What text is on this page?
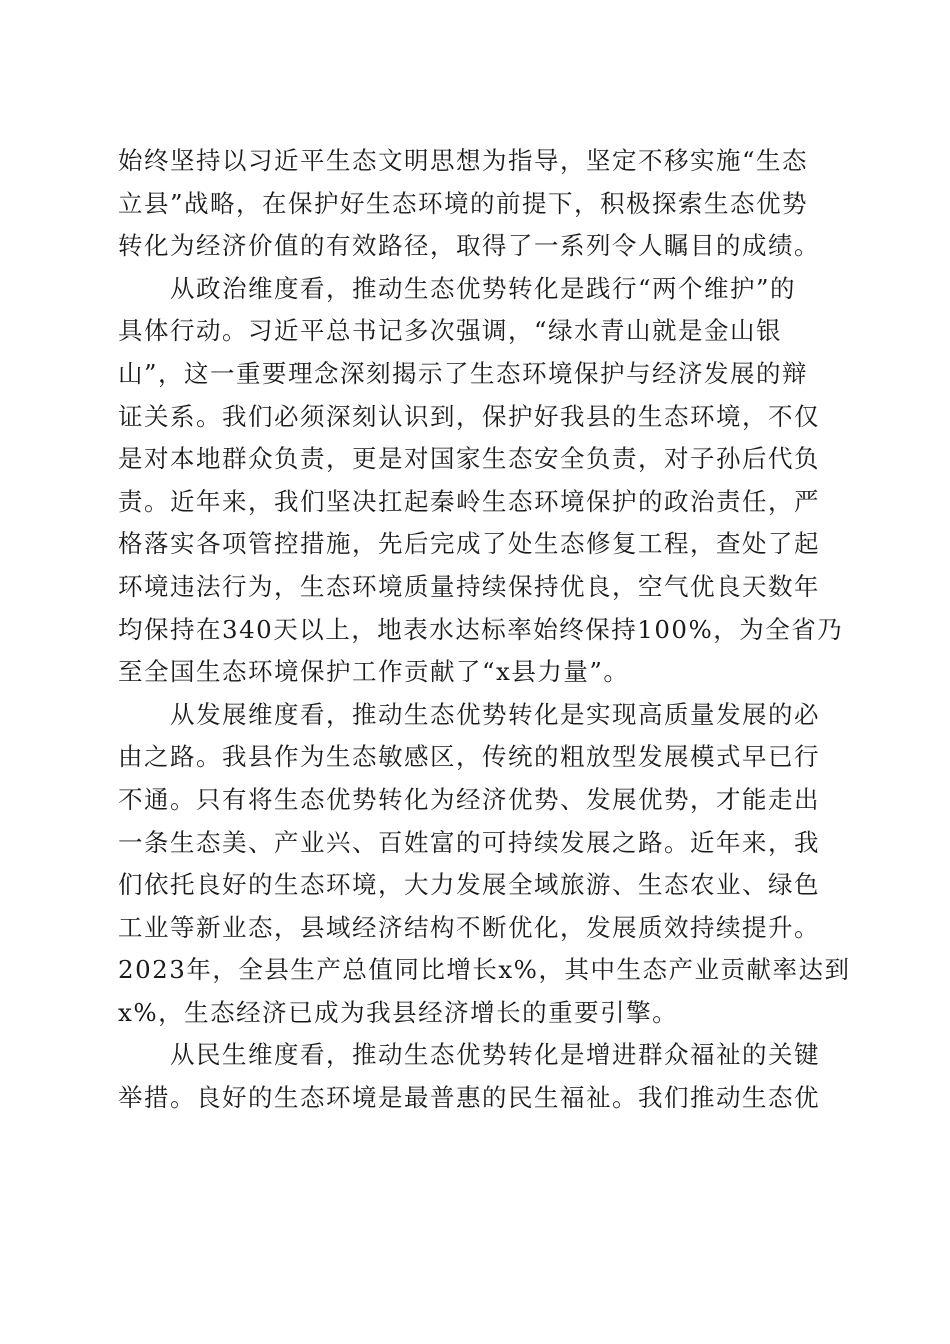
始终坚持以习近平生态文明思想为指导，坚定不移实施“生态
立县”战略，在保护好生态环境的前提下，积极探索生态优势
转化为经济价值的有效路径，取得了一系列令人瞩目的成绩。
从政治维度看，推动生态优势转化是践行“两个维护”的
具体行动。习近平总书记多次强调，“绿水青山就是金山银
山”，这一重要理念深刻揭示了生态环境保护与经济发展的辩
证关系。我们必须深刻认识到，保护好我县的生态环境，不仅
是对本地群众负责，更是对国家生态安全负责，对子孙后代负
责。近年来，我们坚决扛起秦岭生态环境保护的政治责任，严
格落实各项管控措施，先后完成了处生态修复工程，查处了起
环境违法行为，生态环境质量持续保持优良，空气优良天数年
均保持在340天以上，地表水达标率始终保持100%，为全省乃
至全国生态环境保护工作贡献了“x县力量”。
从发展维度看，推动生态优势转化是实现高质量发展的必
由之路。我县作为生态敏感区，传统的粗放型发展模式早已行
不通。只有将生态优势转化为经济优势、发展优势，才能走出
一条生态美、产业兴、百姓富的可持续发展之路。近年来，我
们依托良好的生态环境，大力发展全域旅游、生态农业、绿色
工业等新业态，县域经济结构不断优化，发展质效持续提升。
2023年，全县生产总值同比增长x%，其中生态产业贡献率达到
x%，生态经济已成为我县经济增长的重要引擎。
从民生维度看，推动生态优势转化是增进群众福祉的关键
举措。良好的生态环境是最普惠的民生福祉。我们推动生态优
